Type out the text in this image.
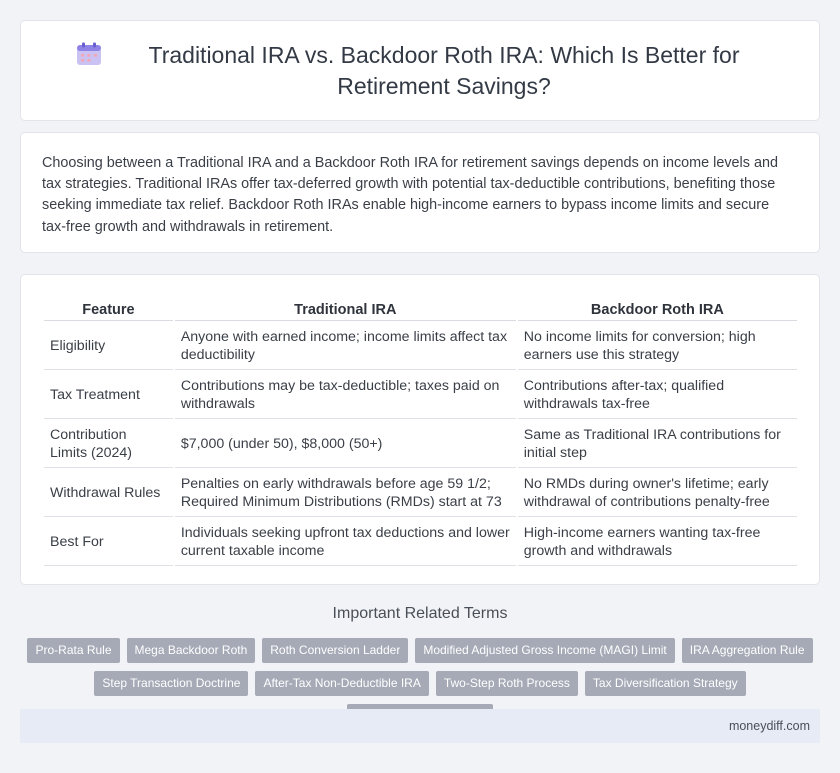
Traditional IRA vs. Backdoor Roth IRA: Which Is Better for Retirement Savings?

Choosing between a Traditional IRA and a Backdoor Roth IRA for retirement savings depends on income levels and tax strategies. Traditional IRAs offer tax-deferred growth with potential tax-deductible contributions, benefiting those seeking immediate tax relief. Backdoor Roth IRAs enable high-income earners to bypass income limits and secure tax-free growth and withdrawals in retirement.

Feature	Traditional IRA	Backdoor Roth IRA
Eligibility	Anyone with earned income; income limits affect tax deductibility	No income limits for conversion; high earners use this strategy
Tax Treatment	Contributions may be tax-deductible; taxes paid on withdrawals	Contributions after-tax; qualified withdrawals tax-free
Contribution Limits (2024)	$7,000 (under 50), $8,000 (50+)	Same as Traditional IRA contributions for initial step
Withdrawal Rules	Penalties on early withdrawals before age 59 1/2; Required Minimum Distributions (RMDs) start at 73	No RMDs during owner's lifetime; early withdrawal of contributions penalty-free
Best For	Individuals seeking upfront tax deductions and lower current taxable income	High-income earners wanting tax-free growth and withdrawals
Important Related Terms
Pro-Rata Rule	Mega Backdoor Roth	Roth Conversion Ladder	Modified Adjusted Gross Income (MAGI) Limit	IRA Aggregation Rule
Step Transaction Doctrine	After-Tax Non-Deductible IRA	Two-Step Roth Process	Tax Diversification Strategy
moneydiff.com
